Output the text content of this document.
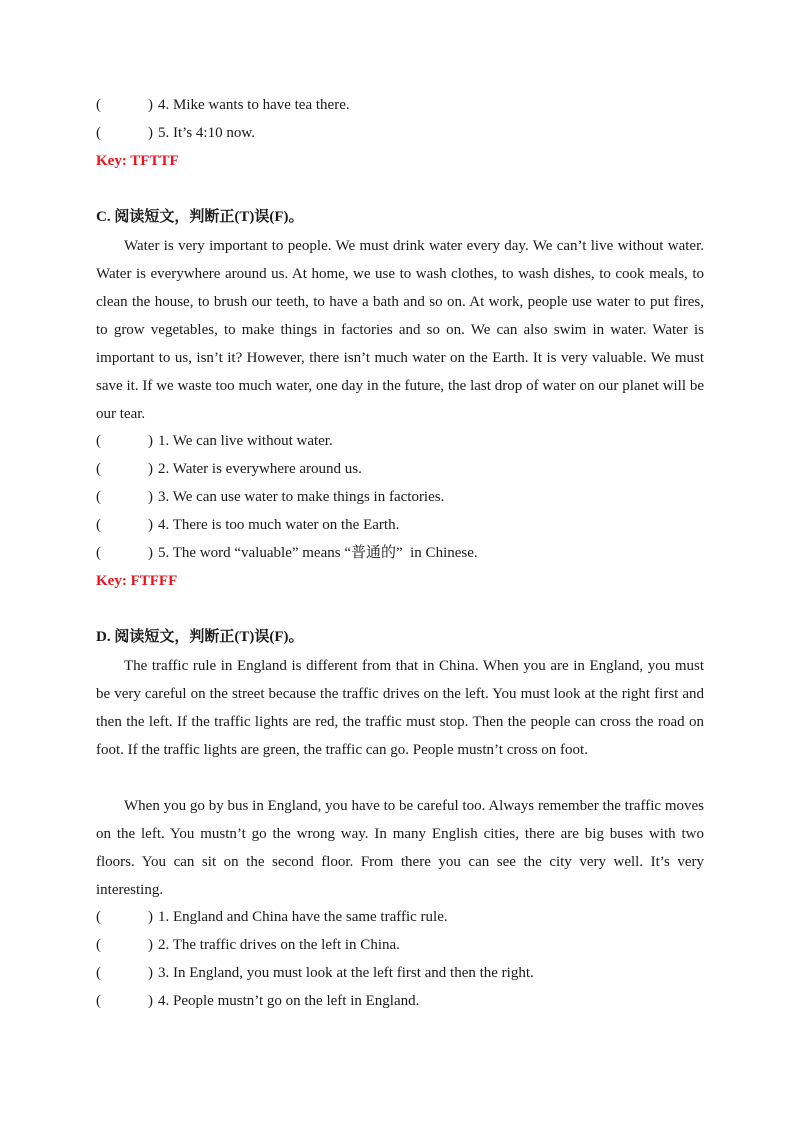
(	) 4. Mike wants to have tea there.
(	) 5. It’s 4:10 now.
Key: TFTTF
C. 阅读短文，判断正(T)误(F)。

Water is very important to people. We must drink water every day. We can’t live without water. Water is everywhere around us. At home, we use to wash clothes, to wash dishes, to cook meals, to clean the house, to brush our teeth, to have a bath and so on. At work, people use water to put fires, to grow vegetables, to make things in factories and so on. We can also swim in water. Water is important to us, isn’t it? However, there isn’t much water on the Earth. It is very valuable. We must save it. If we waste too much water, one day in the future, the last drop of water on our planet will be our tear.

(	) 1. We can live without water.
(	) 2. Water is everywhere around us.
(	) 3. We can use water to make things in factories.
(	) 4. There is too much water on the Earth.
(	) 5. The word “valuable” means “普通的”  in Chinese.
Key: FTFFF
D. 阅读短文，判断正(T)误(F)。

The traffic rule in England is different from that in China. When you are in England, you must be very careful on the street because the traffic drives on the left. You must look at the right first and then the left. If the traffic lights are red, the traffic must stop. Then the people can cross the road on foot. If the traffic lights are green, the traffic can go. People mustn’t cross on foot.

When you go by bus in England, you have to be careful too. Always remember the traffic moves on the left. You mustn’t go the wrong way. In many English cities, there are big buses with two floors. You can sit on the second floor. From there you can see the city very well. It’s very interesting.

(	) 1. England and China have the same traffic rule.
(	) 2. The traffic drives on the left in China.
(	) 3. In England, you must look at the left first and then the right.
(	) 4. People mustn’t go on the left in England.
